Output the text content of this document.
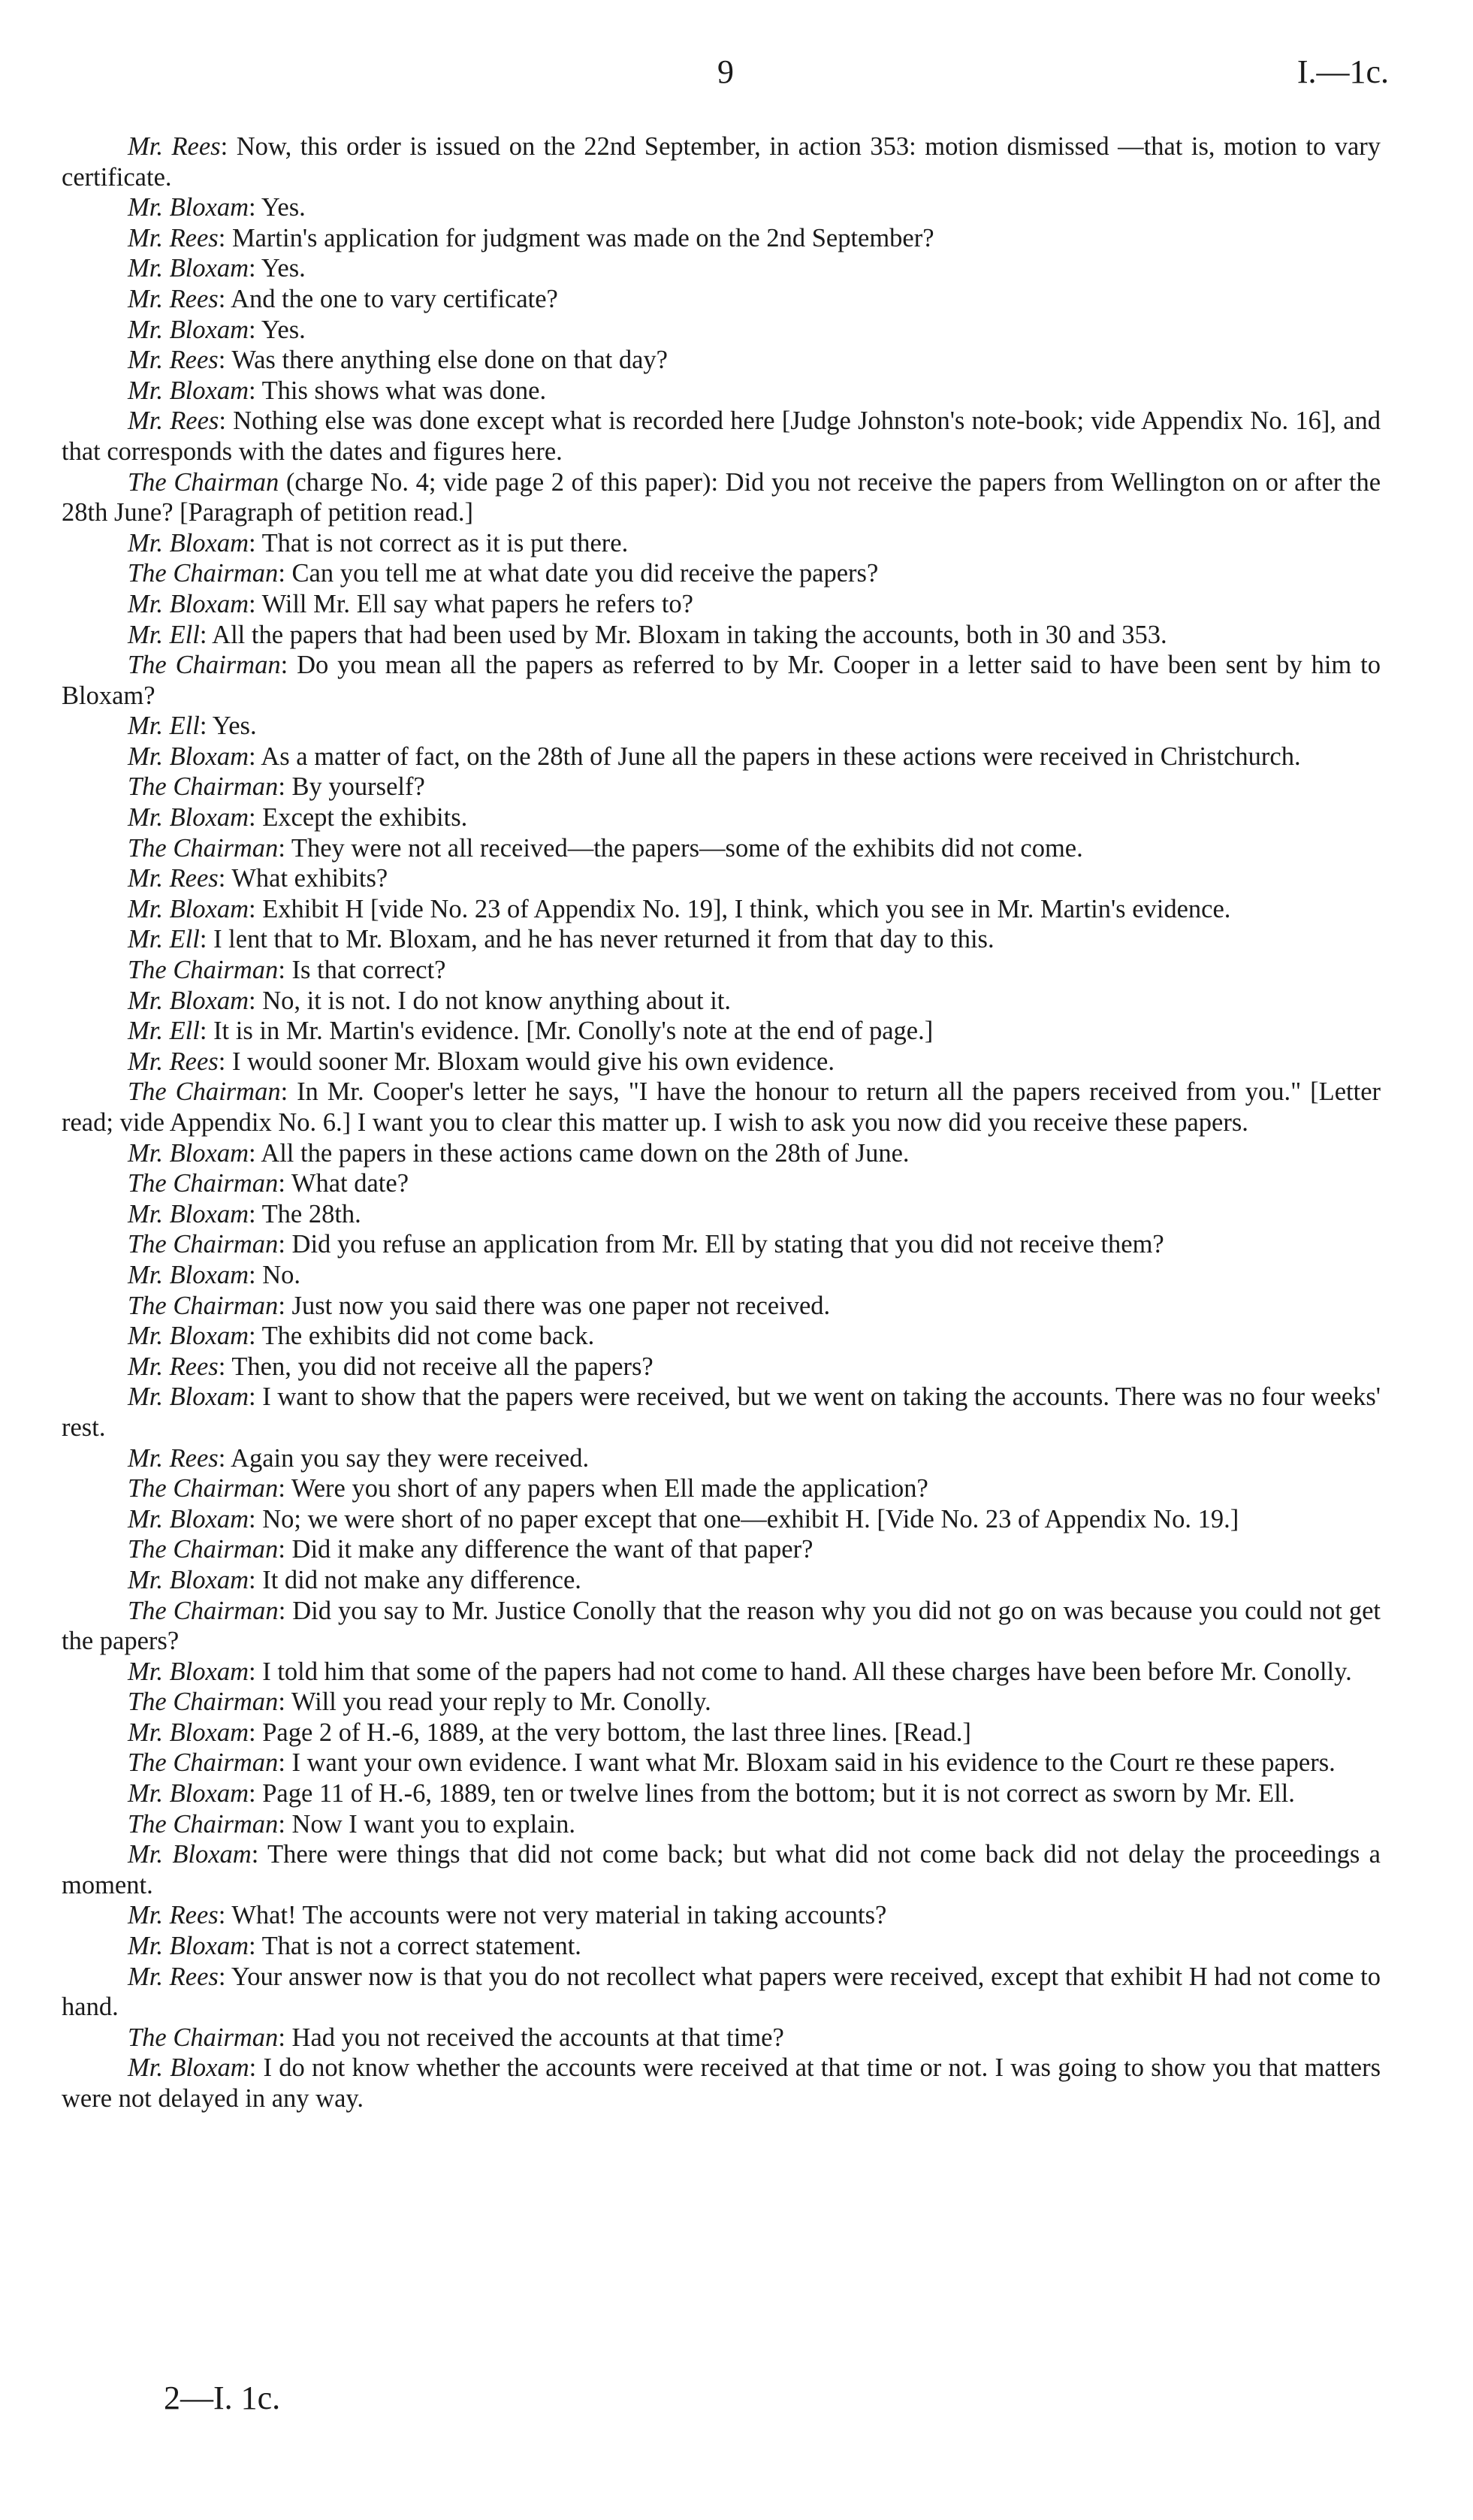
9	I.—1c.

Mr. Rees: Now, this order is issued on the 22nd September, in action 353: motion dismissed —that is, motion to vary certificate.

Mr. Bloxam: Yes.

Mr. Rees: Martin's application for judgment was made on the 2nd September?

Mr. Bloxam: Yes.

Mr. Rees: And the one to vary certificate?

Mr. Bloxam: Yes.

Mr. Rees: Was there anything else done on that day?

Mr. Bloxam: This shows what was done.

Mr. Rees: Nothing else was done except what is recorded here [Judge Johnston's note-book; vide Appendix No. 16], and that corresponds with the dates and figures here.

The Chairman (charge No. 4; vide page 2 of this paper): Did you not receive the papers from Wellington on or after the 28th June? [Paragraph of petition read.]

Mr. Bloxam: That is not correct as it is put there.

The Chairman: Can you tell me at what date you did receive the papers?

Mr. Bloxam: Will Mr. Ell say what papers he refers to?

Mr. Ell: All the papers that had been used by Mr. Bloxam in taking the accounts, both in 30 and 353.

The Chairman: Do you mean all the papers as referred to by Mr. Cooper in a letter said to have been sent by him to Bloxam?

Mr. Ell: Yes.

Mr. Bloxam: As a matter of fact, on the 28th of June all the papers in these actions were received in Christchurch.

The Chairman: By yourself?

Mr. Bloxam: Except the exhibits.

The Chairman: They were not all received—the papers—some of the exhibits did not come.

Mr. Rees: What exhibits?

Mr. Bloxam: Exhibit H [vide No. 23 of Appendix No. 19], I think, which you see in Mr. Martin's evidence.

Mr. Ell: I lent that to Mr. Bloxam, and he has never returned it from that day to this.

The Chairman: Is that correct?

Mr. Bloxam: No, it is not. I do not know anything about it.

Mr. Ell: It is in Mr. Martin's evidence. [Mr. Conolly's note at the end of page.]

Mr. Rees: I would sooner Mr. Bloxam would give his own evidence.

The Chairman: In Mr. Cooper's letter he says, "I have the honour to return all the papers received from you." [Letter read; vide Appendix No. 6.] I want you to clear this matter up. I wish to ask you now did you receive these papers.

Mr. Bloxam: All the papers in these actions came down on the 28th of June.

The Chairman: What date?

Mr. Bloxam: The 28th.

The Chairman: Did you refuse an application from Mr. Ell by stating that you did not receive them?

Mr. Bloxam: No.

The Chairman: Just now you said there was one paper not received.

Mr. Bloxam: The exhibits did not come back.

Mr. Rees: Then, you did not receive all the papers?

Mr. Bloxam: I want to show that the papers were received, but we went on taking the accounts. There was no four weeks' rest.

Mr. Rees: Again you say they were received.

The Chairman: Were you short of any papers when Ell made the application?

Mr. Bloxam: No; we were short of no paper except that one—exhibit H. [Vide No. 23 of Appendix No. 19.]

The Chairman: Did it make any difference the want of that paper?

Mr. Bloxam: It did not make any difference.

The Chairman: Did you say to Mr. Justice Conolly that the reason why you did not go on was because you could not get the papers?

Mr. Bloxam: I told him that some of the papers had not come to hand. All these charges have been before Mr. Conolly.

The Chairman: Will you read your reply to Mr. Conolly.

Mr. Bloxam: Page 2 of H.-6, 1889, at the very bottom, the last three lines. [Read.]

The Chairman: I want your own evidence. I want what Mr. Bloxam said in his evidence to the Court re these papers.

Mr. Bloxam: Page 11 of H.-6, 1889, ten or twelve lines from the bottom; but it is not correct as sworn by Mr. Ell.

The Chairman: Now I want you to explain.

Mr. Bloxam: There were things that did not come back; but what did not come back did not delay the proceedings a moment.

Mr. Rees: What! The accounts were not very material in taking accounts?

Mr. Bloxam: That is not a correct statement.

Mr. Rees: Your answer now is that you do not recollect what papers were received, except that exhibit H had not come to hand.

The Chairman: Had you not received the accounts at that time?

Mr. Bloxam: I do not know whether the accounts were received at that time or not. I was going to show you that matters were not delayed in any way.

2—I. 1c.
